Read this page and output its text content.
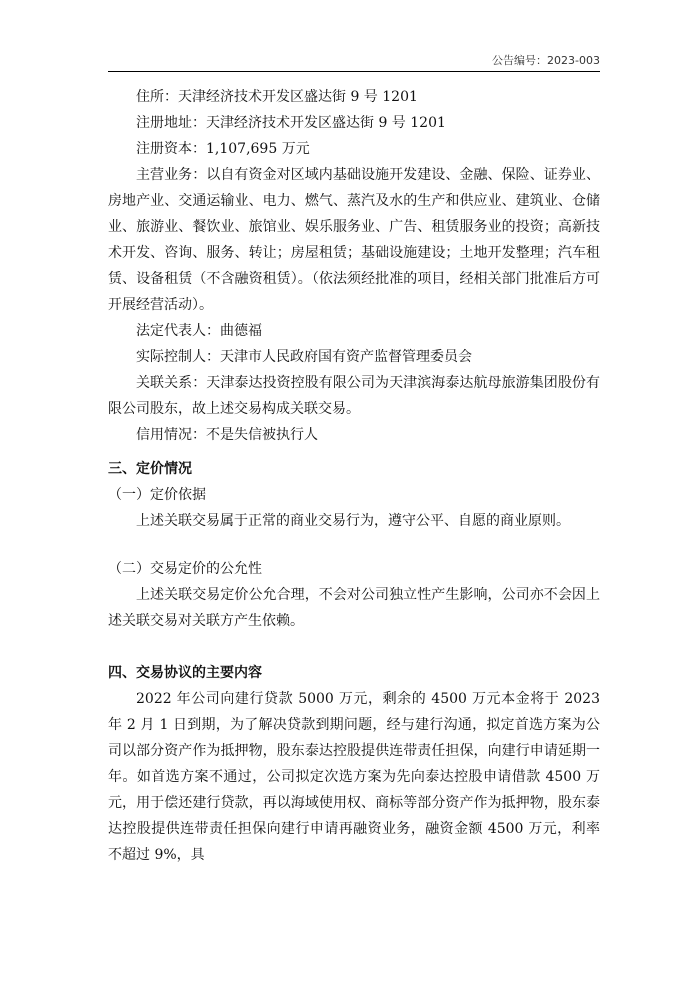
公告编号：2023-003

住所：天津经济技术开发区盛达街 9 号 1201

注册地址：天津经济技术开发区盛达街 9 号 1201

注册资本：1,107,695 万元

主营业务：以自有资金对区域内基础设施开发建设、金融、保险、证券业、房地产业、交通运输业、电力、燃气、蒸汽及水的生产和供应业、建筑业、仓储业、旅游业、餐饮业、旅馆业、娱乐服务业、广告、租赁服务业的投资；高新技术开发、咨询、服务、转让；房屋租赁；基础设施建设；土地开发整理；汽车租赁、设备租赁（不含融资租赁）。（依法须经批准的项目，经相关部门批准后方可开展经营活动）。

法定代表人：曲德福

实际控制人：天津市人民政府国有资产监督管理委员会

关联关系：天津泰达投资控股有限公司为天津滨海泰达航母旅游集团股份有限公司股东，故上述交易构成关联交易。

信用情况：不是失信被执行人

三、定价情况
（一）定价依据

上述关联交易属于正常的商业交易行为，遵守公平、自愿的商业原则。

（二）交易定价的公允性

上述关联交易定价公允合理，不会对公司独立性产生影响，公司亦不会因上述关联交易对关联方产生依赖。

四、交易协议的主要内容

2022 年公司向建行贷款 5000 万元，剩余的 4500 万元本金将于 2023 年 2 月 1 日到期，为了解决贷款到期问题，经与建行沟通，拟定首选方案为公司以部分资产作为抵押物，股东泰达控股提供连带责任担保，向建行申请延期一年。如首选方案不通过，公司拟定次选方案为先向泰达控股申请借款 4500 万元，用于偿还建行贷款，再以海域使用权、商标等部分资产作为抵押物，股东泰达控股提供连带责任担保向建行申请再融资业务，融资金额 4500 万元，利率不超过 9%，具
